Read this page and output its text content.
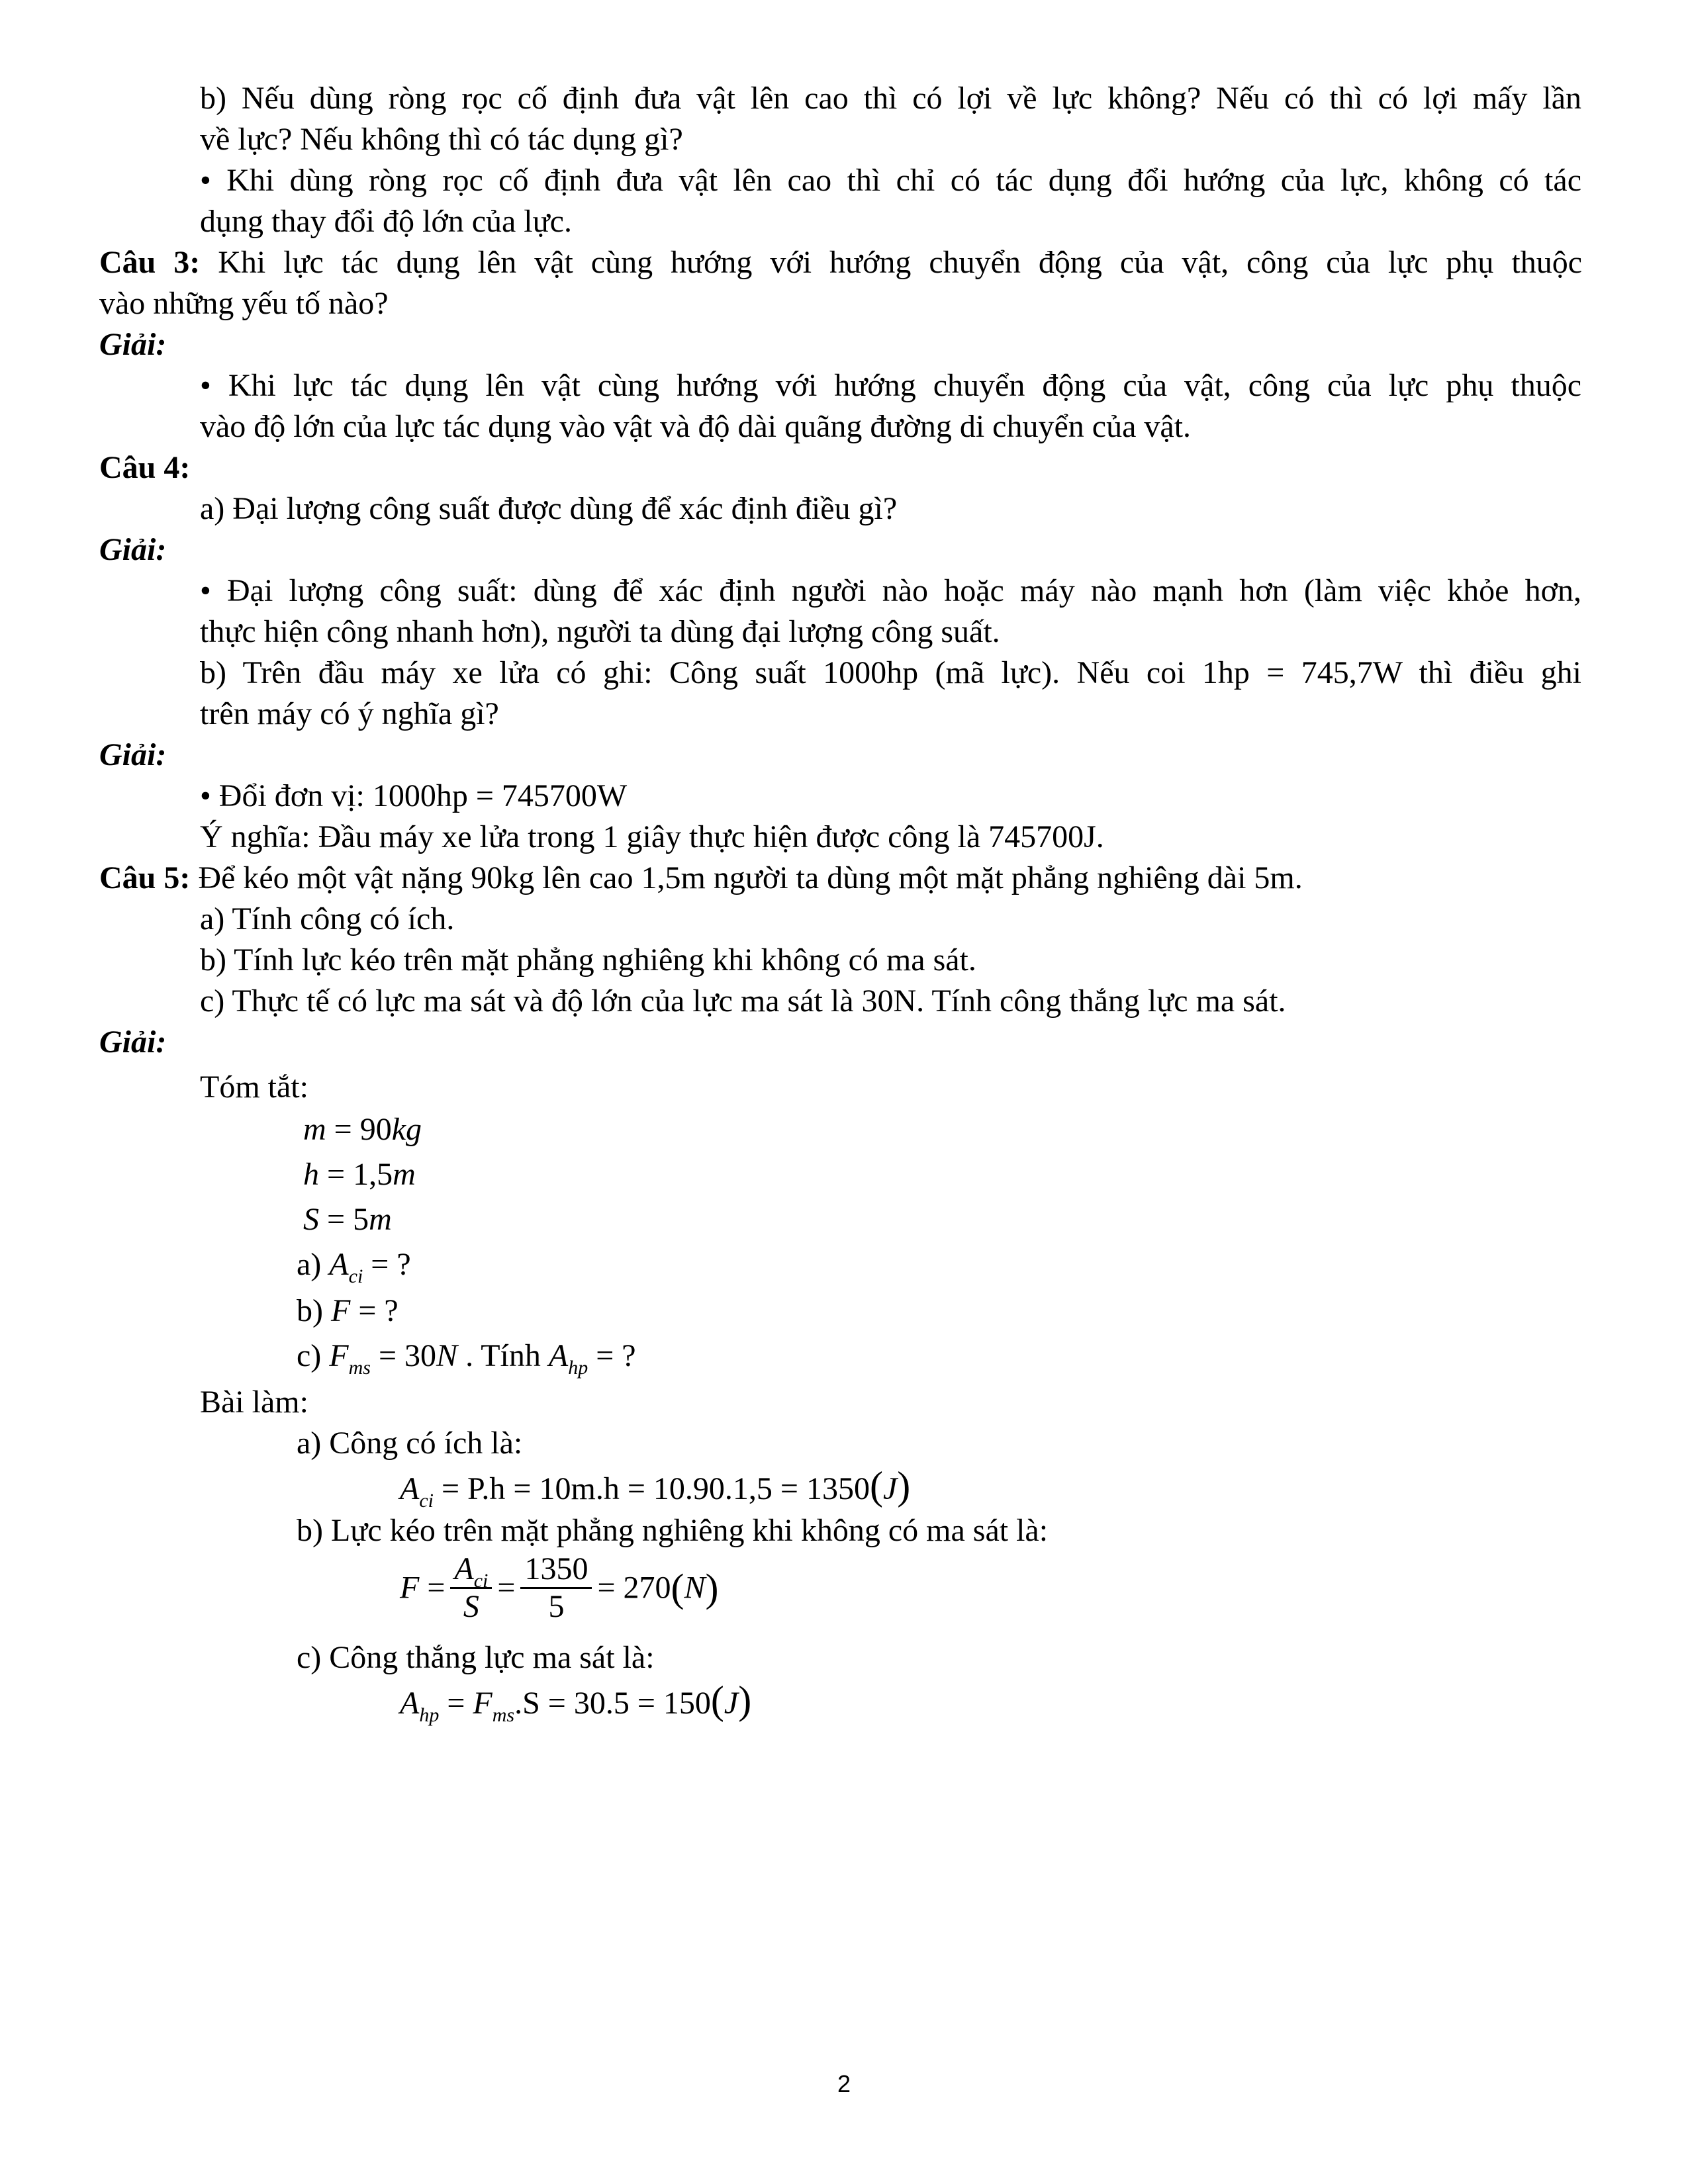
b) Nếu dùng ròng rọc cố định đưa vật lên cao thì có lợi về lực không? Nếu có thì có lợi mấy lần
về lực? Nếu không thì có tác dụng gì?
• Khi dùng ròng rọc cố định đưa vật lên cao thì chỉ có tác dụng đổi hướng của lực, không có tác
dụng thay đổi độ lớn của lực.
Câu 3: Khi lực tác dụng lên vật cùng hướng với hướng chuyển động của vật, công của lực phụ thuộc
vào những yếu tố nào?
Giải:
• Khi lực tác dụng lên vật cùng hướng với hướng chuyển động của vật, công của lực phụ thuộc
vào độ lớn của lực tác dụng vào vật và độ dài quãng đường di chuyển của vật.
Câu 4:
a) Đại lượng công suất được dùng để xác định điều gì?
Giải:
• Đại lượng công suất: dùng để xác định người nào hoặc máy nào mạnh hơn (làm việc khỏe hơn,
thực hiện công nhanh hơn), người ta dùng đại lượng công suất.
b) Trên đầu máy xe lửa có ghi: Công suất 1000hp (mã lực). Nếu coi 1hp = 745,7W thì điều ghi
trên máy có ý nghĩa gì?
Giải:
• Đổi đơn vị: 1000hp = 745700W
Ý nghĩa: Đầu máy xe lửa trong 1 giây thực hiện được công là 745700J.
Câu 5: Để kéo một vật nặng 90kg lên cao 1,5m người ta dùng một mặt phẳng nghiêng dài 5m.
a) Tính công có ích.
b) Tính lực kéo trên mặt phẳng nghiêng khi không có ma sát.
c) Thực tế có lực ma sát và độ lớn của lực ma sát là 30N. Tính công thắng lực ma sát.
Giải:
Tóm tắt:
m = 90kg
h = 1,5m
S = 5m
a) $A_{ci}$ = ?
b) F = ?
c) $F_{ms} = 30N$ . Tính $A_{hp}$ = ?
Bài làm:
a) Công có ích là:
$A_{ci} = P.h = 10m.h = 10.90.1,5 = 1350(J)$
b) Lực kéo trên mặt phẳng nghiêng khi không có ma sát là:
$F = \frac{A_{ci}}{S} = \frac{1350}{5} = 270(N)$
c) Công thắng lực ma sát là:
$A_{hp} = F_{ms}.S = 30.5 = 150(J)$
2
